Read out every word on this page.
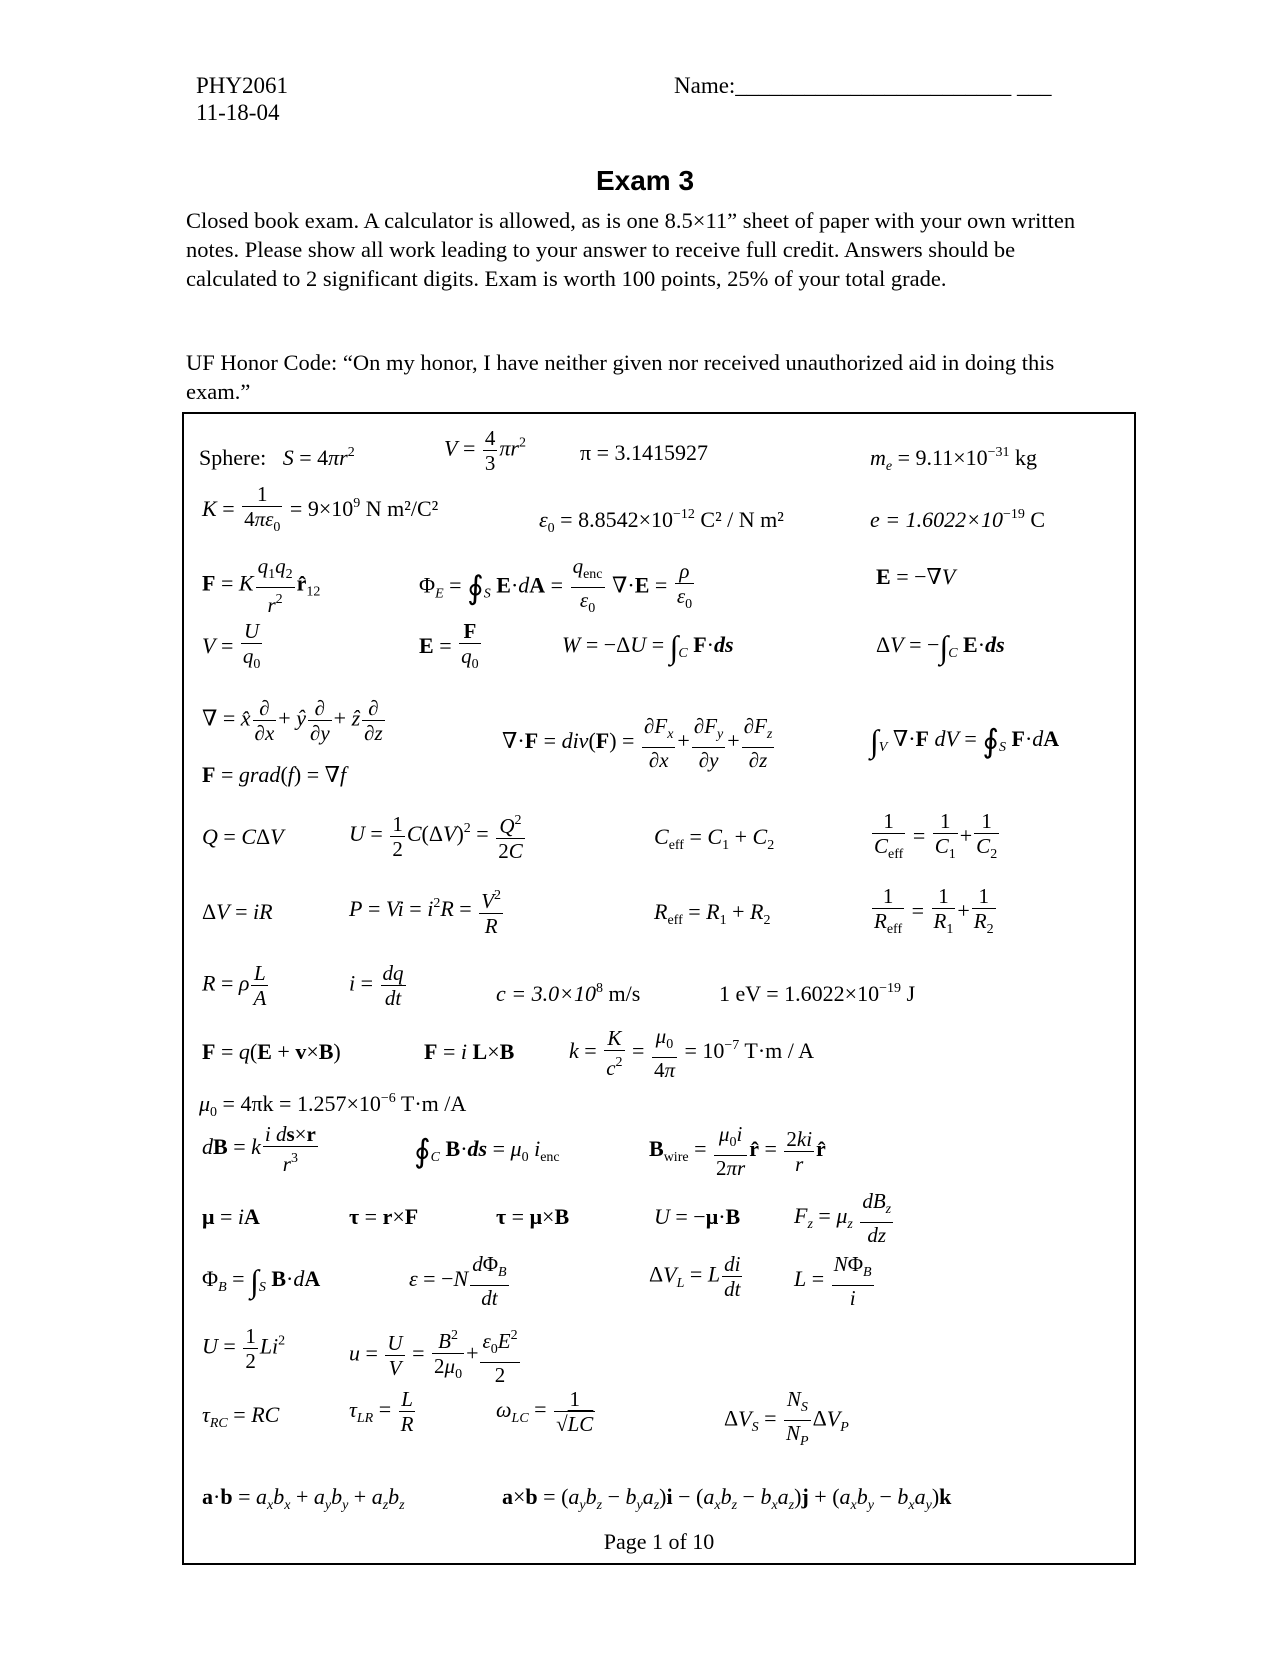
PHY2061
11-18-04
Name:________________________ ___
Exam 3
Closed book exam. A calculator is allowed, as is one 8.5×11” sheet of paper with your own written notes. Please show all work leading to your answer to receive full credit. Answers should be calculated to 2 significant digits. Exam is worth 100 points, 25% of your total grade.
UF Honor Code: “On my honor, I have neither given nor received unauthorized aid in doing this exam.”
Sphere: $S = 4\pi r^2$	$V = \frac{4}{3} \pi r^2$ π = 3.1415927	$m_e = 9.11\times 10^{-31}$ kg
$K = \frac{1}{4\pi\varepsilon_0} = 9\times 10^9$ N m²/C²	$\varepsilon_0 = 8.8542\times 10^{-12}$ C² / N m²	$e = 1.6022\times 10^{-19}$ C
F = K $\frac{q_1q_2}{r^2}$ $r̂_{12}$	$\Phi_E$ = $∮_S$ $E\cdot dA = \frac{q_{enc}}{\varepsilon_0} \nabla\cdot E = \frac{\rho}{\varepsilon_0}$	E = −∇V
$V = \frac{U}{q_0}$	$E = \frac{F}{q_0}$	$W = -\Delta U = \int_C$ F·ds	$\Delta V = -\int_C$ E·ds
∇ = x̂ $\frac{\partial}{\partial x}$ + ŷ $\frac{\partial}{\partial y}$ + ẑ $\frac{\partial}{\partial z}$	$\nabla\cdot F = div(F) = \frac{\partial F_x}{\partial x} + \frac{\partial F_y}{\partial y} + \frac{\partial F_z}{\partial z}$	$\int_V$ ∇·F dV = $∮_S$ F·dA
F = grad(f) = ∇f
Q = CΔV	$U = \frac{1}{2} C(\Delta V)^2 = \frac{Q^2}{2C}$	$C_{eff} = C_1 + C_2$	$\frac{1}{C_{eff}} = \frac{1}{C_1} + \frac{1}{C_2}$
ΔV = iR	$P = Vi = i^2R = \frac{V^2}{R}$	$R_{eff} = R_1 + R_2$	$\frac{1}{R_{eff}} = \frac{1}{R_1} + \frac{1}{R_2}$
R = ρ $\frac{L}{A}$	$i = \frac{dq}{dt}$	$c = 3.0\times 10^8$ m/s	1 eV = $1.6022\times 10^{-19}$ J
F = q(E + v×B)	F = i L×B $k = \frac{K}{c^2} = \frac{\mu_0}{4\pi} = 10^{-7}$ T·m / A
$\mu_0 = 4\pi k = 1.257\times 10^{-6}$ T·m /A
dB = k $\frac{\text{i ds×r}}{r^3}$	$∮_C$ $B\cdot ds = \mu_0$ $i_{enc}$	$B_{wire} = \frac{\mu_0i}{2\pi r}$ r̂ = $\frac{2ki}{r}$ r̂
μ = iA	τ = r×F	τ = μ×B	U = −μ·B $F_z = \mu_z \frac{dB_z}{dz}$
$\Phi_B = \int_S$ B·dA	$\varepsilon = -N \frac{d\Phi_B}{dt}$	$\Delta V_L = L \frac{di}{dt}$ $L = \frac{N\Phi_B}{i}$
$U = \frac{1}{2} Li^2$	$u = \frac{U}{V} = \frac{B^2}{2\mu_0} + \frac{\varepsilon_0E^2}{2}$
$\tau_{RC}$ = RC	$\tau_{LR} = \frac{L}{R}$	$\omega_{LC} = \frac{1}{√LC}$	$\Delta V_S = \frac{N_S}{N_P} \Delta V_P$
$a\cdot b = a_xb_x + a_yb_y + a_zb_z$	$a\times b = (a_yb_z - b_ya_z)i - (a_xb_z - b_xa_z)j + (a_xb_y - b_xa_y)k$
Page 1 of 10
